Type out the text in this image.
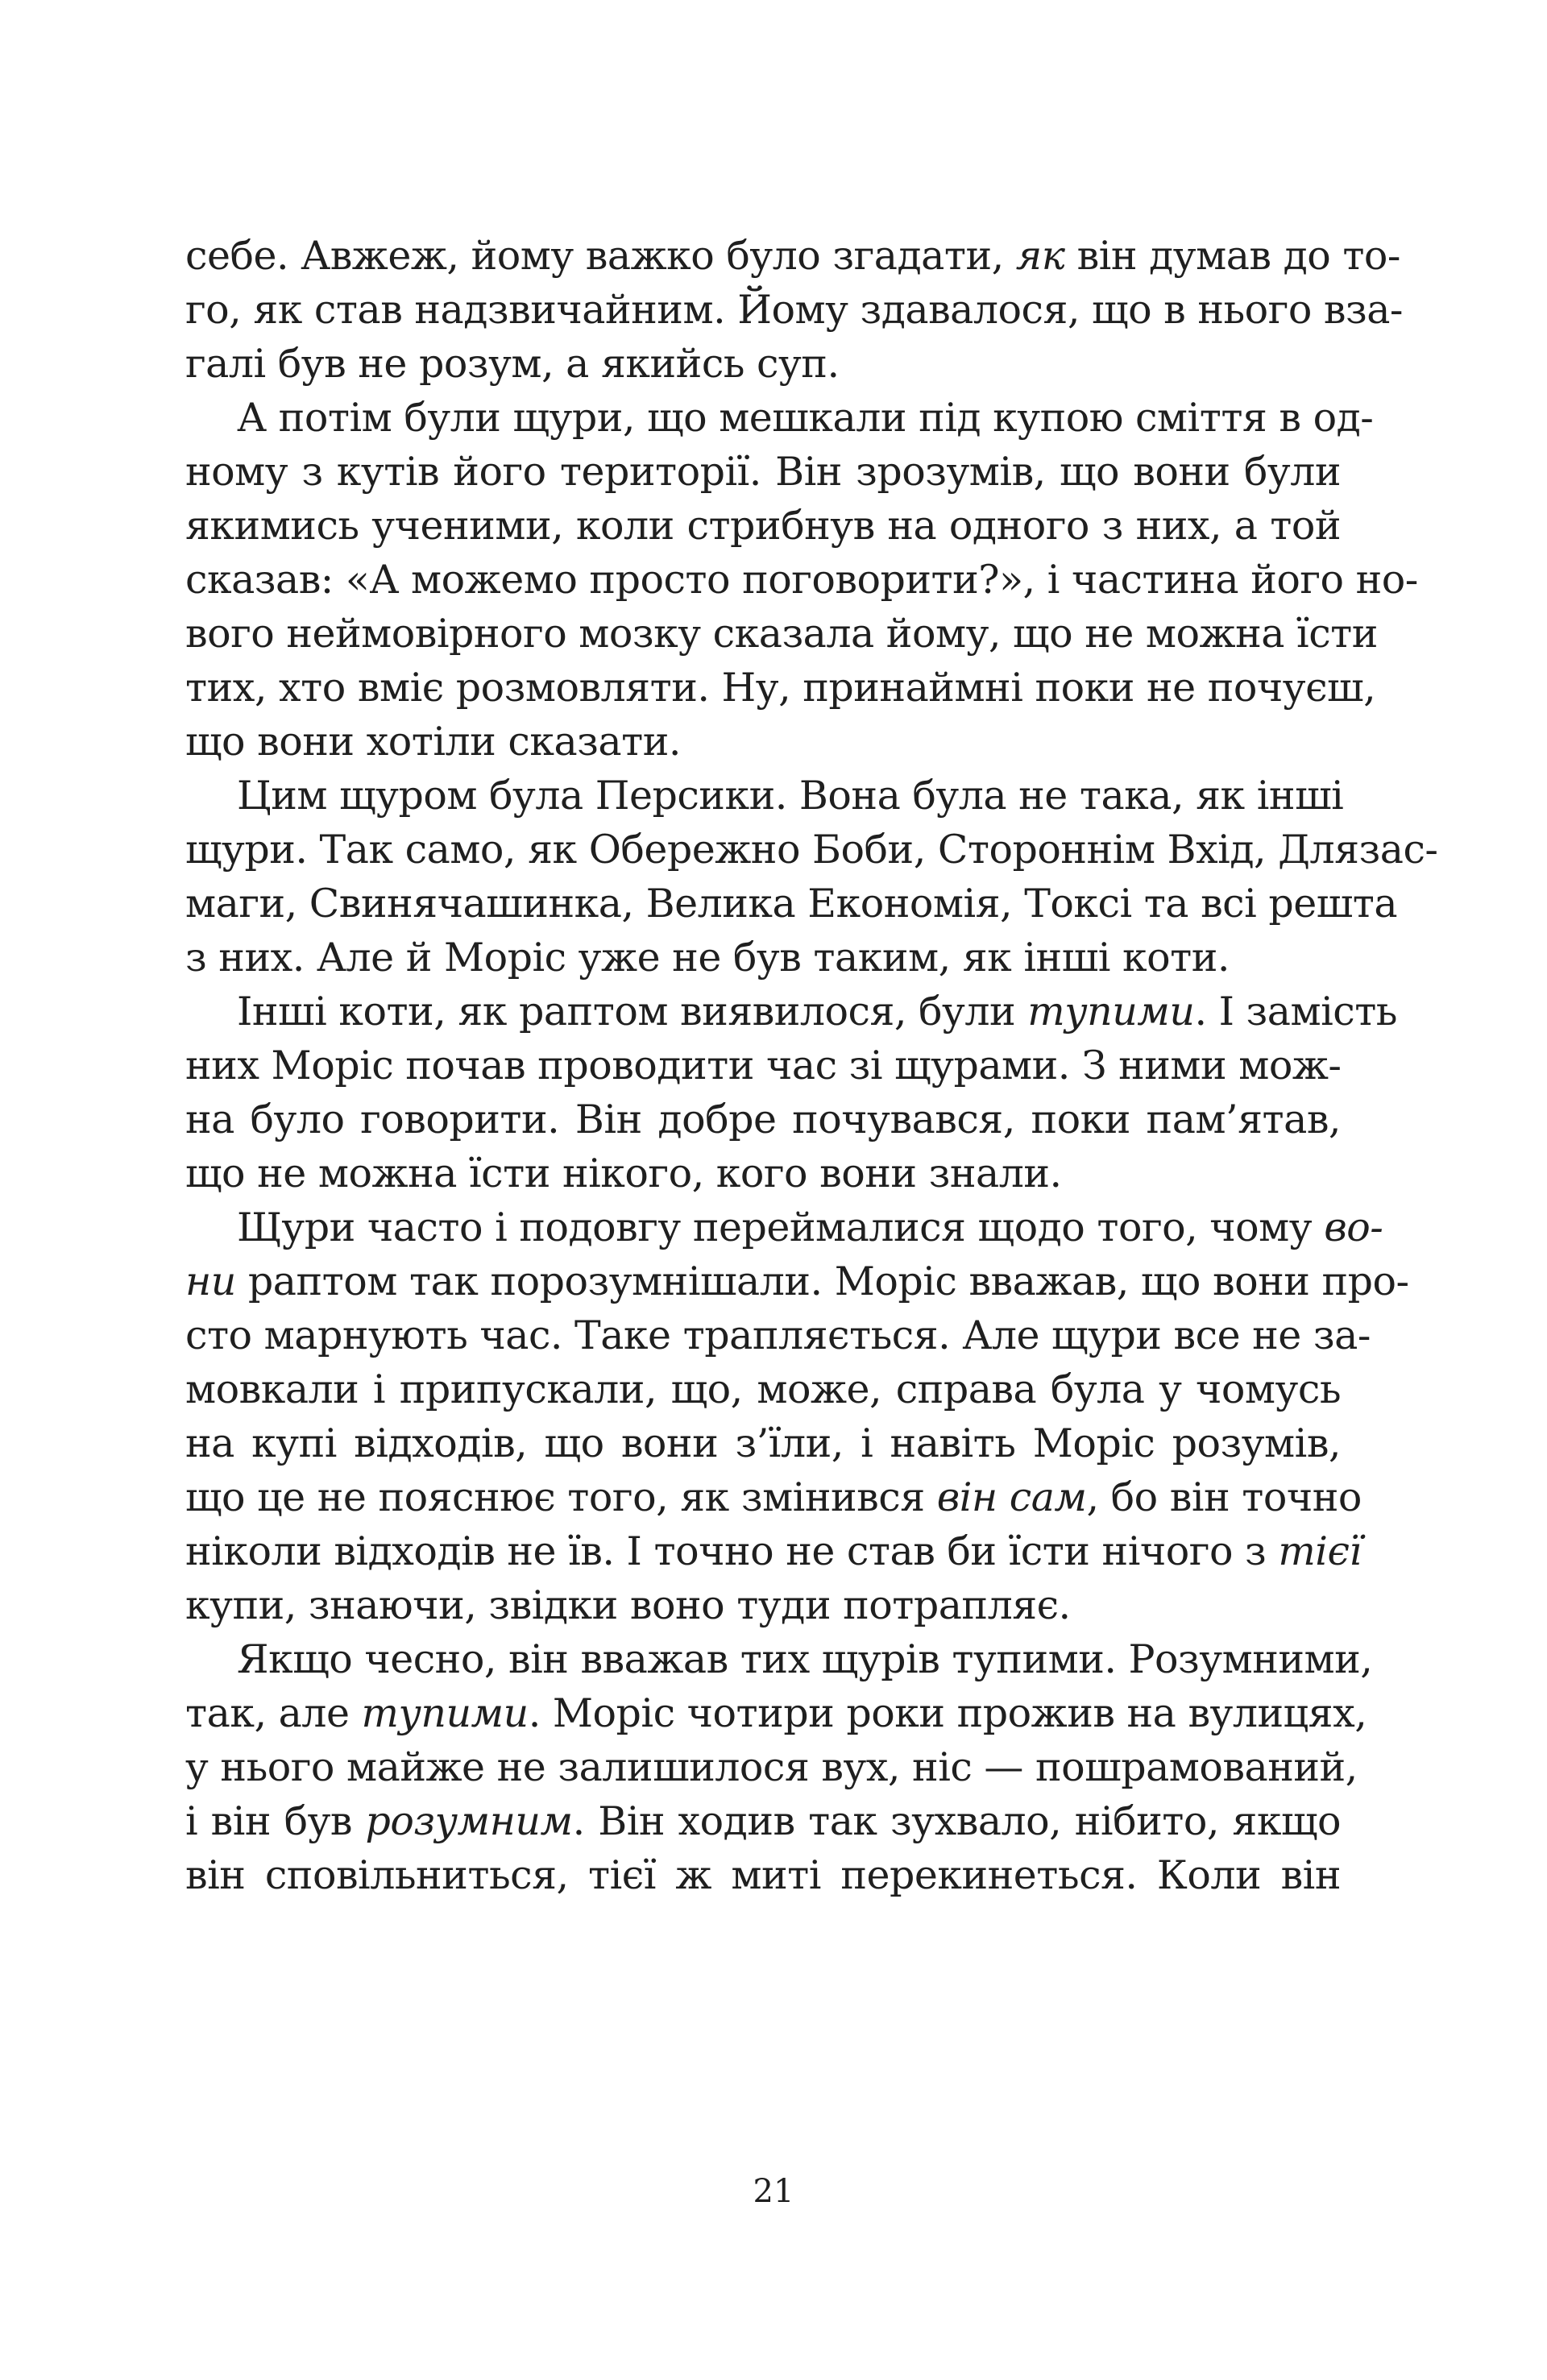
себе. Авжеж, йому важко було згадати, як він думав до то-
го, як став надзвичайним. Йому здавалося, що в нього вза-
галі був не розум, а якийсь суп.
А потім були щури, що мешкали під купою сміття в од-
ному з кутів його території. Він зрозумів, що вони були
якимись ученими, коли стрибнув на одного з них, а той
сказав: «А можемо просто поговорити?», і частина його но-
вого неймовірного мозку сказала йому, що не можна їсти
тих, хто вміє розмовляти. Ну, принаймні поки не почуєш,
що вони хотіли сказати.
Цим щуром була Персики. Вона була не така, як інші
щури. Так само, як Обережно Боби, Стороннім Вхід, Длязас-
маги, Свинячашинка, Велика Економія, Токсі та всі решта
з них. Але й Моріс уже не був таким, як інші коти.
Інші коти, як раптом виявилося, були тупими. І замість
них Моріс почав проводити час зі щурами. З ними мож-
на було говорити. Він добре почувався, поки пам’ятав,
що не можна їсти нікого, кого вони знали.
Щури часто і подовгу переймалися щодо того, чому во-
ни раптом так порозумнішали. Моріс вважав, що вони про-
сто марнують час. Таке трапляється. Але щури все не за-
мовкали і припускали, що, може, справа була у чомусь
на купі відходів, що вони з’їли, і навіть Моріс розумів,
що це не пояснює того, як змінився він сам, бо він точно
ніколи відходів не їв. І точно не став би їсти нічого з тієї
купи, знаючи, звідки воно туди потрапляє.
Якщо чесно, він вважав тих щурів тупими. Розумними,
так, але тупими. Моріс чотири роки прожив на вулицях,
у нього майже не залишилося вух, ніс — пошрамований,
і він був розумним. Він ходив так зухвало, нібито, якщо
він сповільниться, тієї ж миті перекинеться. Коли він
21
